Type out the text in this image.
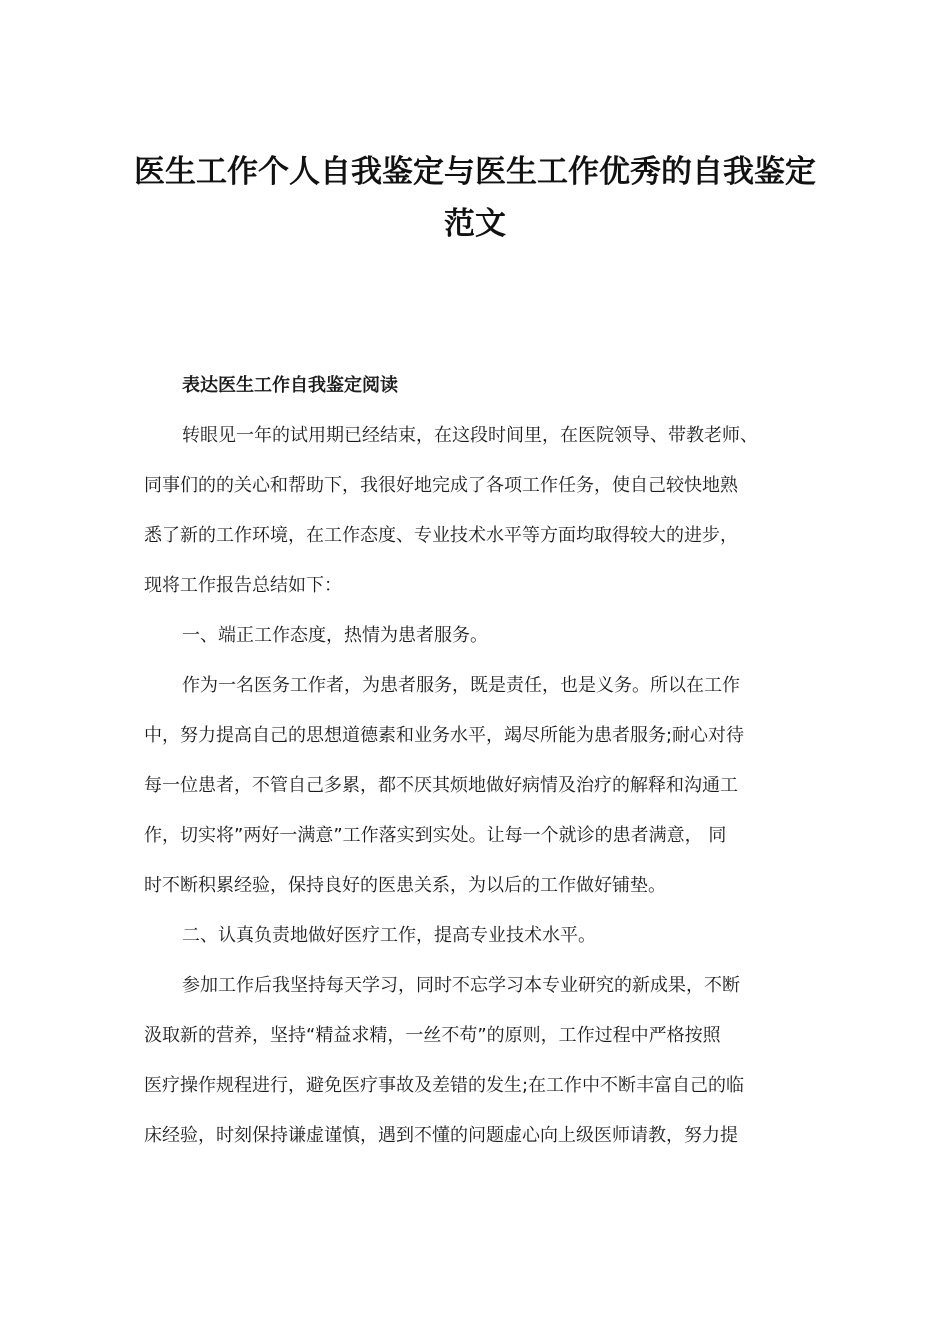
医生工作个人自我鉴定与医生工作优秀的自我鉴定
范文
表达医生工作自我鉴定阅读
转眼见一年的试用期已经结束，在这段时间里，在医院领导、带教老师、
同事们的的关心和帮助下，我很好地完成了各项工作任务，使自己较快地熟
悉了新的工作环境，在工作态度、专业技术水平等方面均取得较大的进步，
现将工作报告总结如下：
一、端正工作态度，热情为患者服务。
作为一名医务工作者，为患者服务，既是责任，也是义务。所以在工作
中，努力提高自己的思想道德素和业务水平，竭尽所能为患者服务;耐心对待
每一位患者，不管自己多累，都不厌其烦地做好病情及治疗的解释和沟通工
作，切实将”两好一满意”工作落实到实处。让每一个就诊的患者满意， 同
时不断积累经验，保持良好的医患关系，为以后的工作做好铺垫。
二、认真负责地做好医疗工作，提高专业技术水平。
参加工作后我坚持每天学习，同时不忘学习本专业研究的新成果，不断
汲取新的营养，坚持“精益求精，一丝不苟”的原则，工作过程中严格按照
医疗操作规程进行，避免医疗事故及差错的发生;在工作中不断丰富自己的临
床经验，时刻保持谦虚谨慎，遇到不懂的问题虚心向上级医师请教，努力提
